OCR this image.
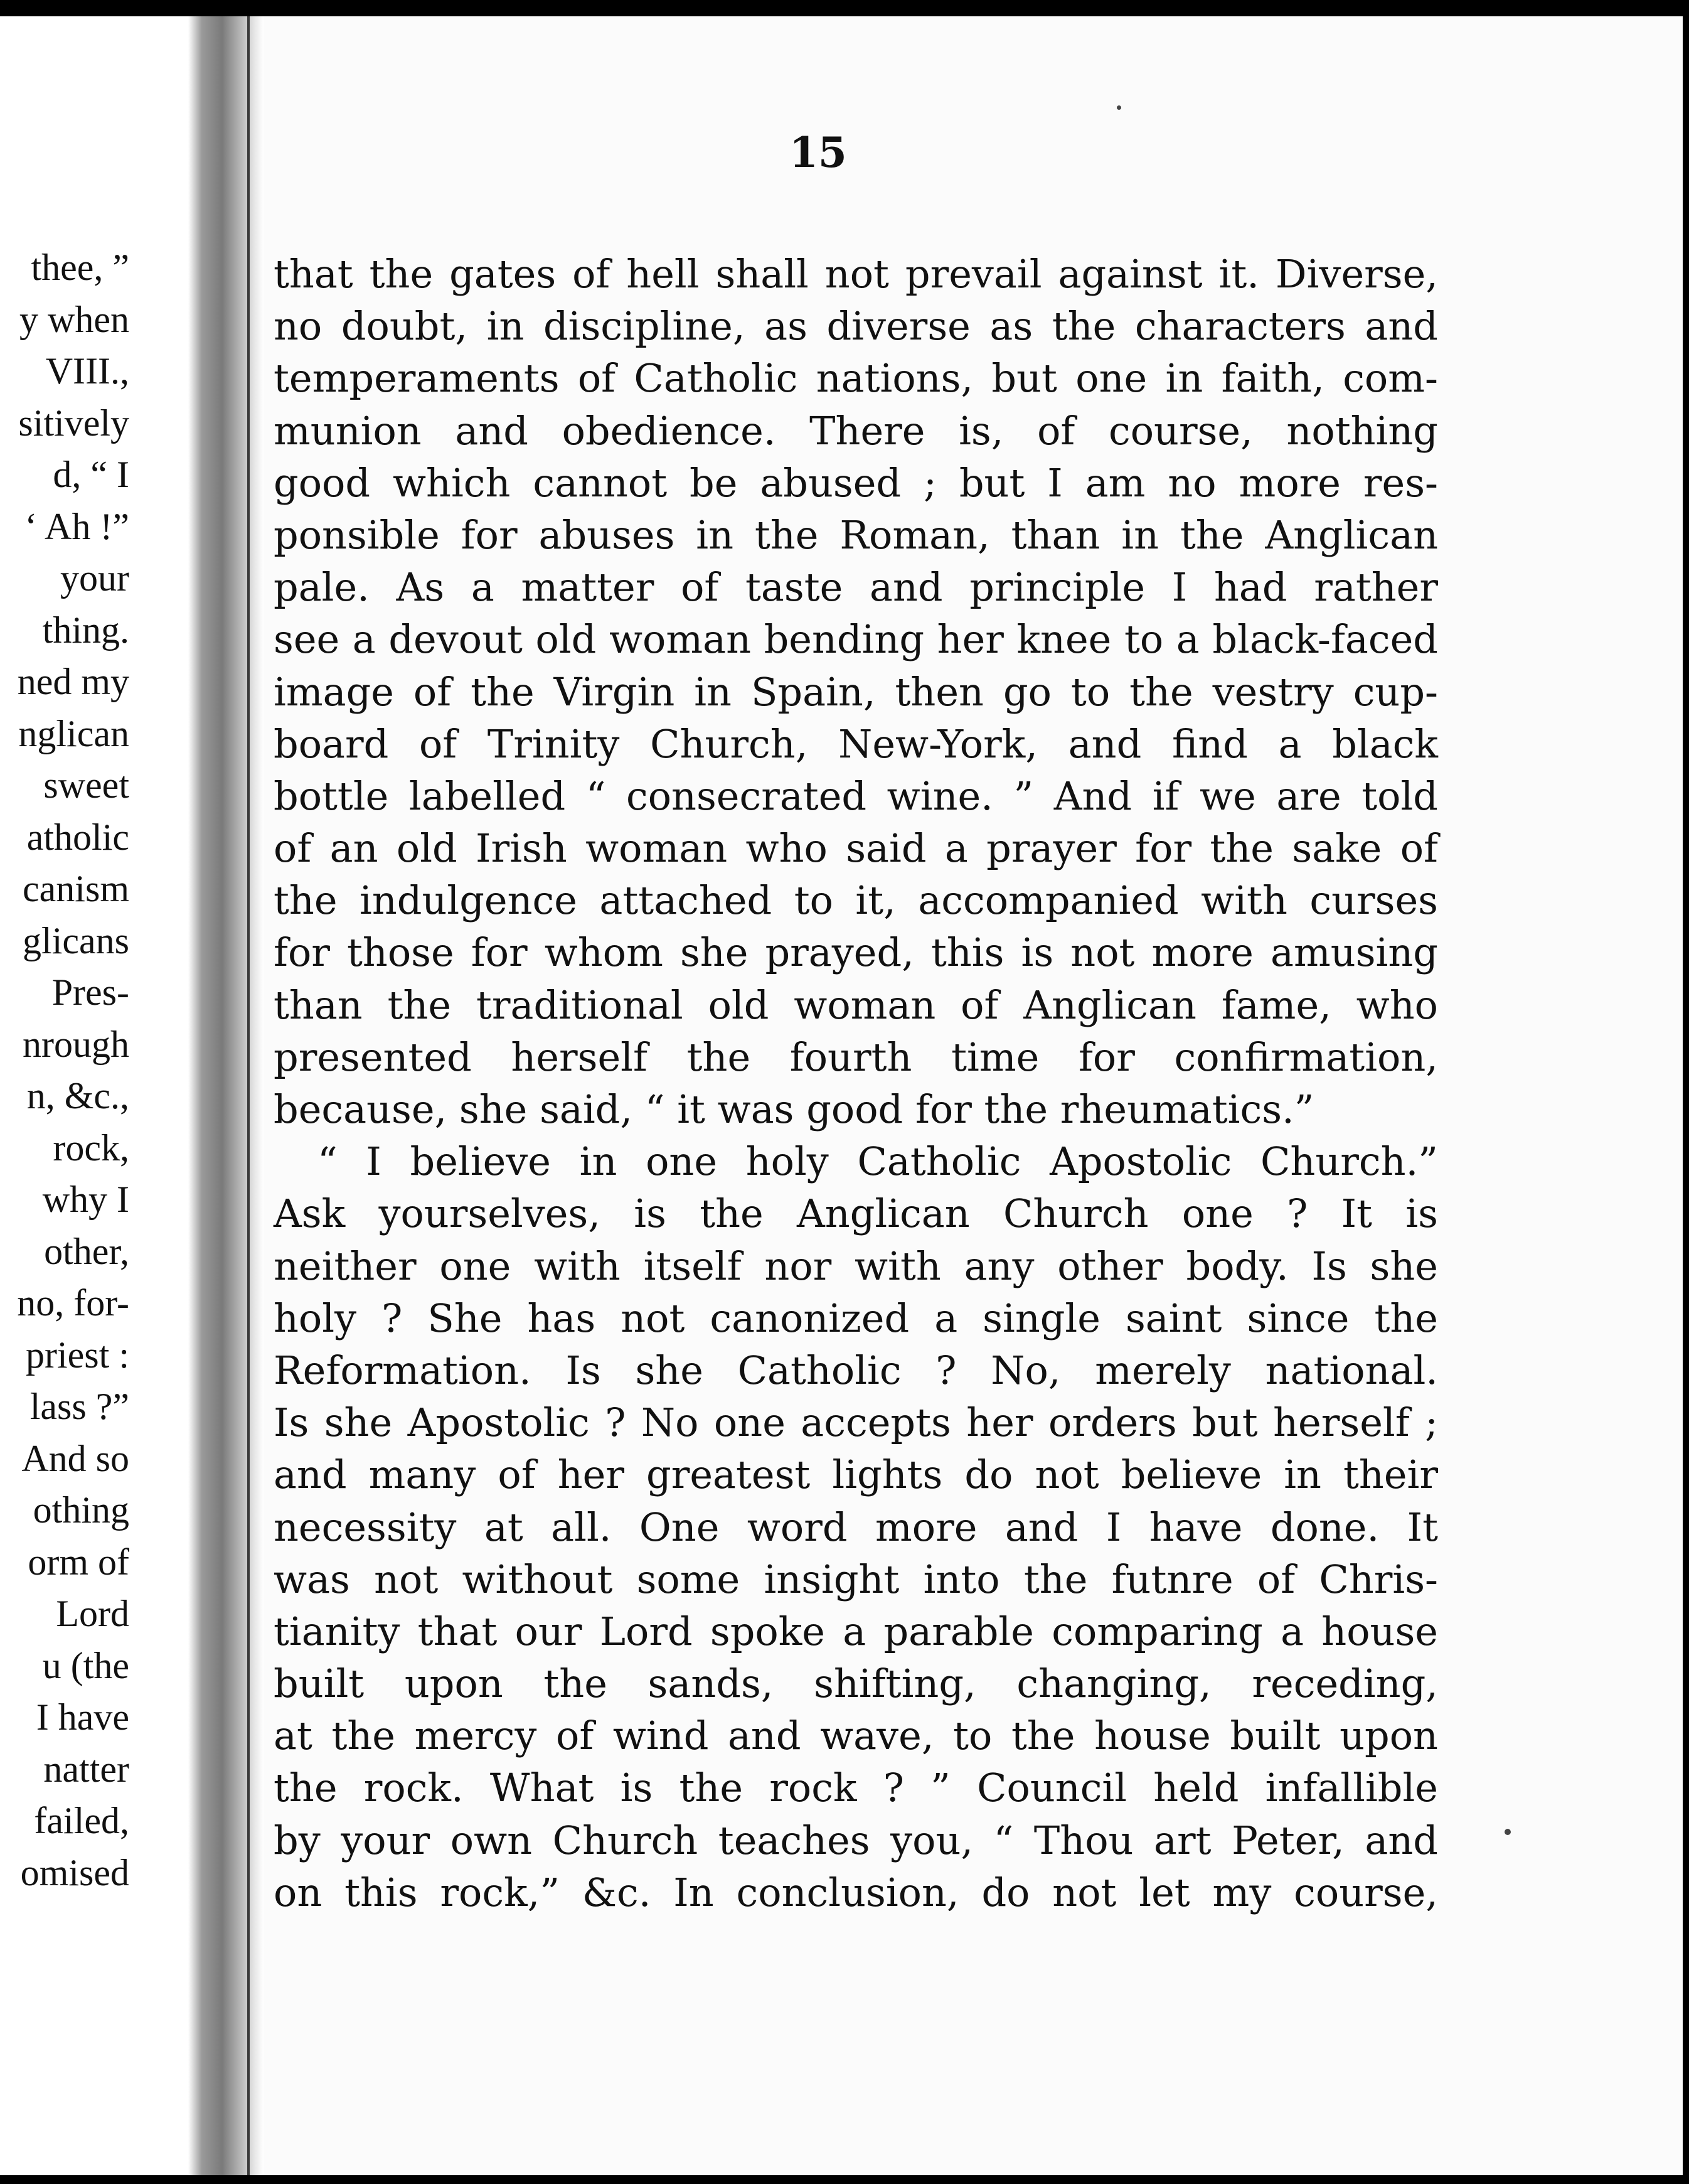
thee, ”
y when
VIII.,
sitively
d, “ I
‘ Ah !”
your
thing.
ned my
nglican
sweet
atholic
canism
glicans
Pres-
nrough
n, &c.,
rock,
why I
other,
no, for-
priest :
lass ?”
And so
othing
orm of
Lord
u (the
I have
natter
failed,
omised
15
that the gates of hell shall not prevail against it. Diverse,
no doubt, in discipline, as diverse as the characters and
temperaments of Catholic nations, but one in faith, com-
munion and obedience. There is, of course, nothing
good which cannot be abused ; but I am no more res-
ponsible for abuses in the Roman, than in the Anglican
pale. As a matter of taste and principle I had rather
see a devout old woman bending her knee to a black-faced
image of the Virgin in Spain, then go to the vestry cup-
board of Trinity Church, New-York, and find a black
bottle labelled “ consecrated wine. ” And if we are told
of an old Irish woman who said a prayer for the sake of
the indulgence attached to it, accompanied with curses
for those for whom she prayed, this is not more amusing
than the traditional old woman of Anglican fame, who
presented herself the fourth time for confirmation,
because, she said, “ it was good for the rheumatics.”
“ I believe in one holy Catholic Apostolic Church.”
Ask yourselves, is the Anglican Church one ? It is
neither one with itself nor with any other body. Is she
holy ? She has not canonized a single saint since the
Reformation. Is she Catholic ? No, merely national.
Is she Apostolic ? No one accepts her orders but herself ;
and many of her greatest lights do not believe in their
necessity at all. One word more and I have done. It
was not without some insight into the futnre of Chris-
tianity that our Lord spoke a parable comparing a house
built upon the sands, shifting, changing, receding,
at the mercy of wind and wave, to the house built upon
the rock. What is the rock ? ” Council held infallible
by your own Church teaches you, “ Thou art Peter, and
on this rock,” &c. In conclusion, do not let my course,
